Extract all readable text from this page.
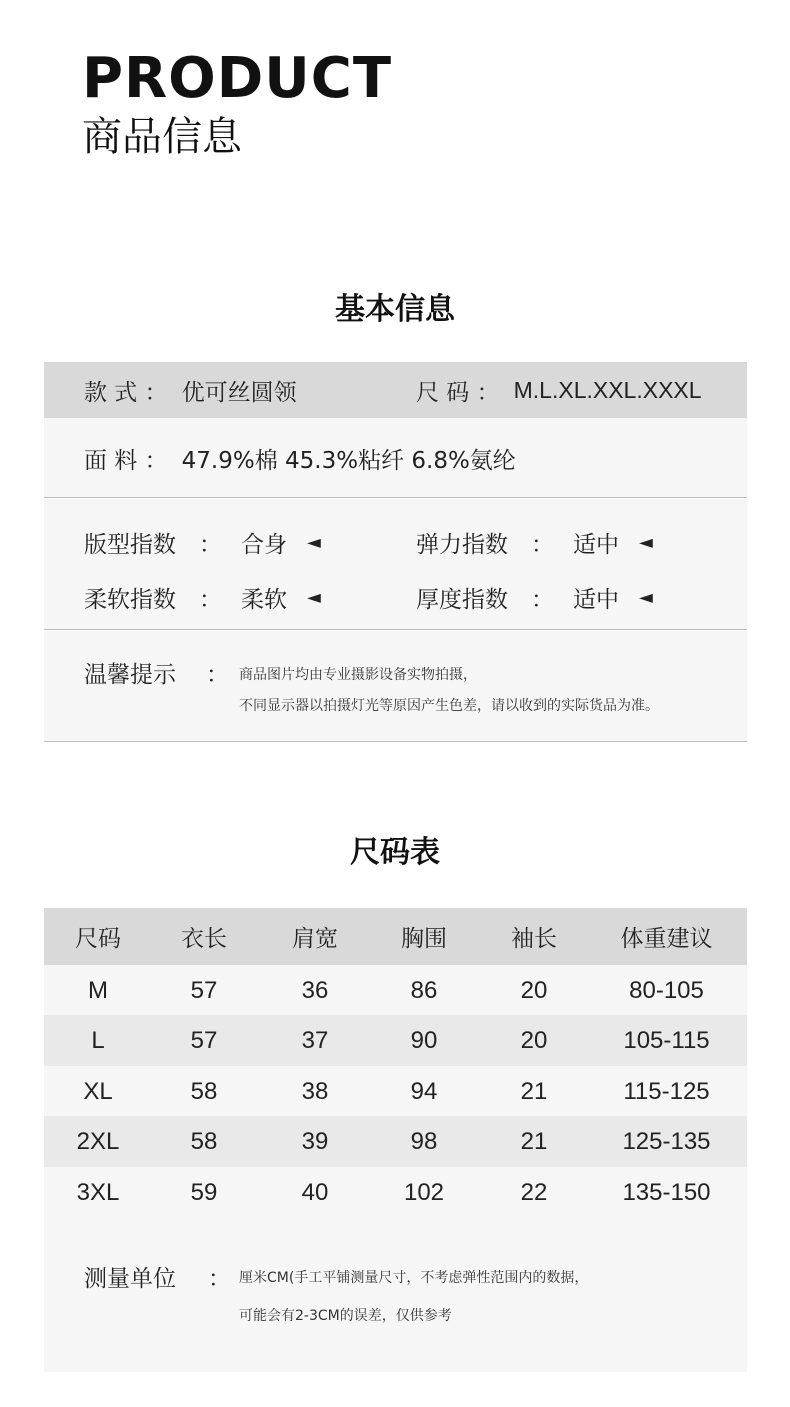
PRODUCT
商品信息
基本信息
款 式 ： 优可丝圆领	尺 码 ： M.L.XL.XXL.XXXL
面 料 ： 47.9%棉 45.3%粘纤 6.8%氨纶
版型指数	： 合身 ◄	弹力指数	： 适中 ◄
柔软指数	： 柔软 ◄	厚度指数	： 适中 ◄
温馨提示	： 商品图片均由专业摄影设备实物拍摄，
不同显示器以拍摄灯光等原因产生色差，请以收到的实际货品为准。
尺码表
尺码	衣长	肩宽	胸围	袖长	体重建议
M	57	36	86	20	80-105
L	57	37	90	20	105-115
XL	58	38	94	21	115-125
2XL	58	39	98	21	125-135
3XL	59	40	102	22	135-150
测量单位	： 厘米CM(手工平铺测量尺寸，不考虑弹性范围内的数据，
可能会有2-3CM的误差，仅供参考
